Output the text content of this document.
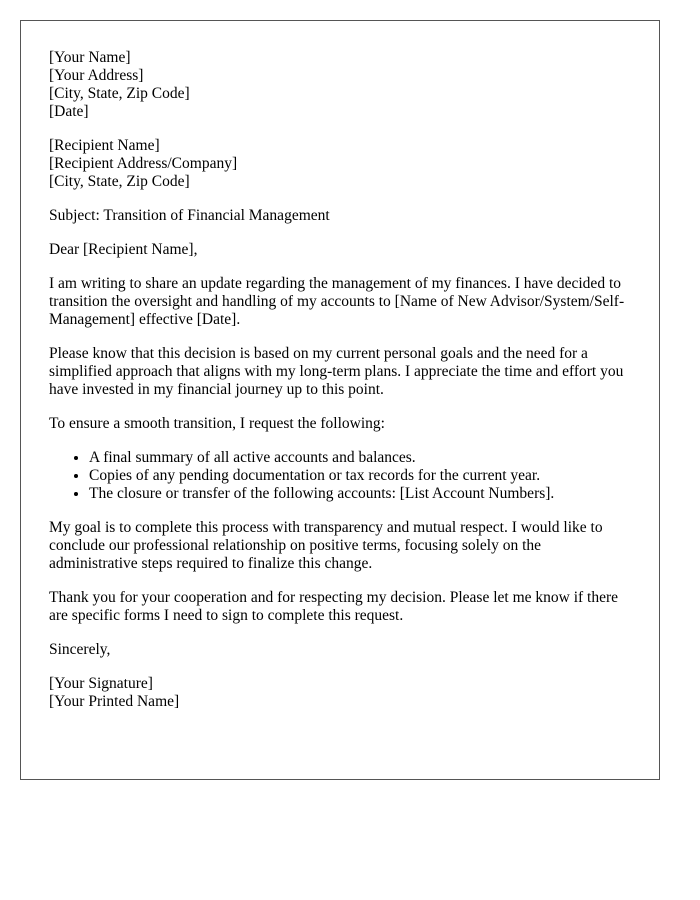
[Your Name]
[Your Address]
[City, State, Zip Code]
[Date]
[Recipient Name]
[Recipient Address/Company]
[City, State, Zip Code]

Subject: Transition of Financial Management

Dear [Recipient Name],

I am writing to share an update regarding the management of my finances. I have decided to transition the oversight and handling of my accounts to [Name of New Advisor/System/Self-Management] effective [Date].

Please know that this decision is based on my current personal goals and the need for a simplified approach that aligns with my long-term plans. I appreciate the time and effort you have invested in my financial journey up to this point.

To ensure a smooth transition, I request the following:

• A final summary of all active accounts and balances.
• Copies of any pending documentation or tax records for the current year.
• The closure or transfer of the following accounts: [List Account Numbers].

My goal is to complete this process with transparency and mutual respect. I would like to conclude our professional relationship on positive terms, focusing solely on the administrative steps required to finalize this change.

Thank you for your cooperation and for respecting my decision. Please let me know if there are specific forms I need to sign to complete this request.

Sincerely,

[Your Signature]
[Your Printed Name]
